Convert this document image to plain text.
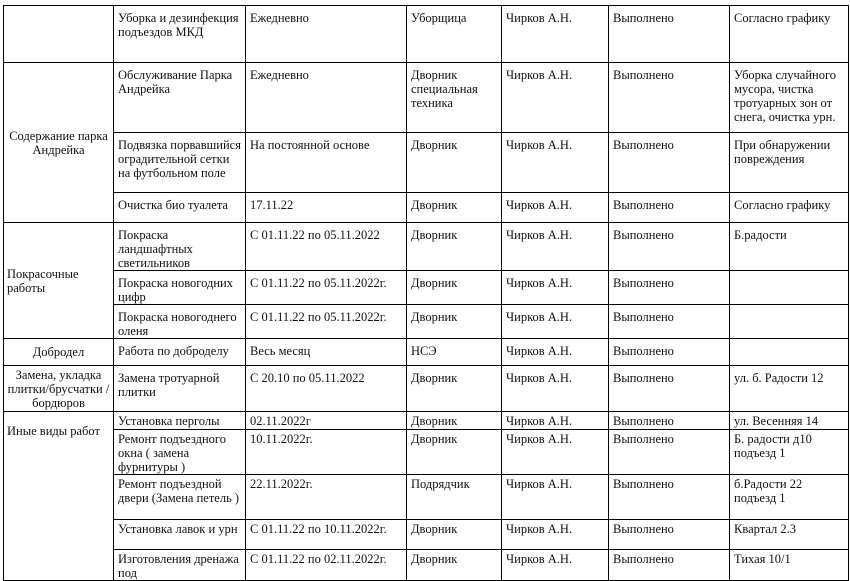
	Уборка и дезинфекция подъездов МКД	Ежедневно	Уборщица	Чирков А.Н.	Выполнено	Согласно графику
Содержание парка Андрейка	Обслуживание Парка Андрейка	Ежедневно	Дворник специальная техника	Чирков А.Н.	Выполнено	Уборка случайного мусора, чистка тротуарных зон от снега, очистка урн.
	Подвязка порвавшийся оградительной сетки на футбольном поле	На постоянной основе	Дворник	Чирков А.Н.	Выполнено	При обнаружении повреждения
	Очистка био туалета	17.11.22	Дворник	Чирков А.Н.	Выполнено	Согласно графику
Покрасочные работы	Покраска ландшафтных светильников	С 01.11.22 по 05.11.2022	Дворник	Чирков А.Н.	Выполнено	Б.радости
	Покраска новогодних цифр	С 01.11.22 по 05.11.2022г.	Дворник	Чирков А.Н.	Выполнено	
	Покраска новогоднего оленя	С 01.11.22 по 05.11.2022г.	Дворник	Чирков А.Н.	Выполнено	
Добродел	Работа по доброделу	Весь месяц	НСЭ	Чирков А.Н.	Выполнено	
Замена, укладка плитки/брусчатки /бордюров	Замена тротуарной плитки	С 20.10 по 05.11.2022	Дворник	Чирков А.Н.	Выполнено	ул. б. Радости 12
Иные виды работ	Установка перголы	02.11.2022г	Дворник	Чирков А.Н.	Выполнено	ул. Весенняя 14
	Ремонт подъездного окна ( замена фурнитуры )	10.11.2022г.	Дворник	Чирков А.Н.	Выполнено	Б. радости д10 подъезд 1
	Ремонт подъездной двери (Замена петель )	22.11.2022г.	Подрядчик	Чирков А.Н.	Выполнено	б.Радости 22 подъезд 1
	Установка лавок и урн	С 01.11.22 по 10.11.2022г.	Дворник	Чирков А.Н.	Выполнено	Квартал 2.3
	Изготовления дренажа под	С 01.11.22 по 02.11.2022г.	Дворник	Чирков А.Н.	Выполнено	Тихая 10/1
